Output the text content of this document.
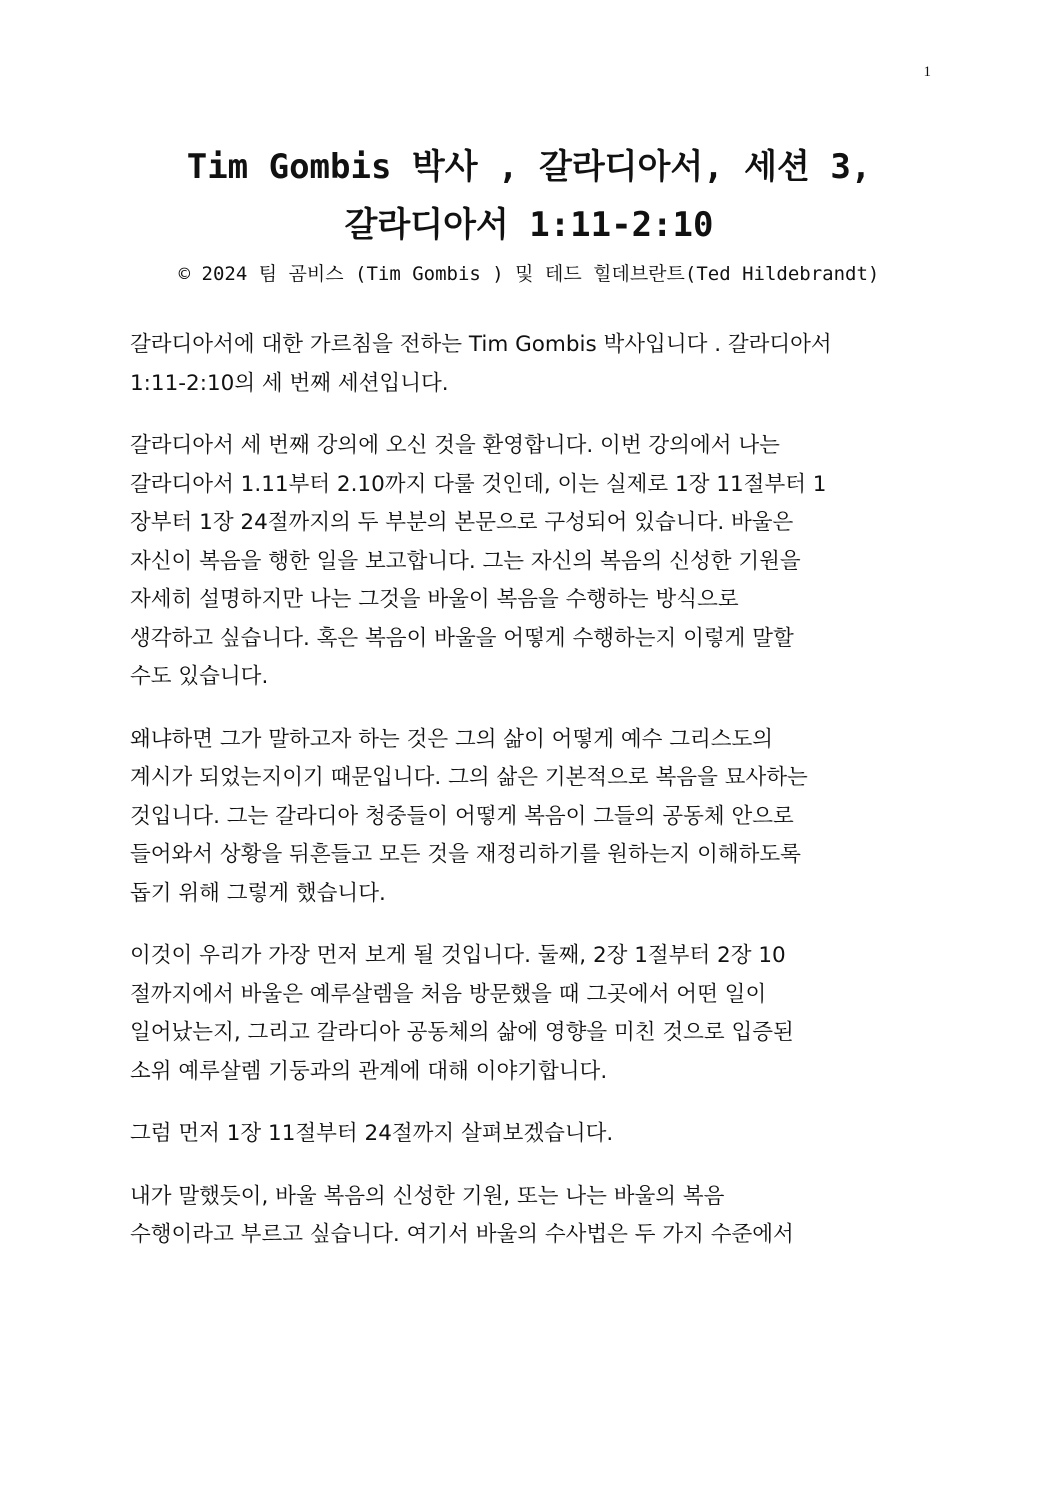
1
Tim Gombis 박사 , 갈라디아서, 세션 3,
갈라디아서 1:11-2:10
© 2024 팀 곰비스 (Tim Gombis ) 및 테드 힐데브란트(Ted Hildebrandt)
갈라디아서에 대한 가르침을 전하는 Tim Gombis 박사입니다 . 갈라디아서
1:11-2:10의 세 번째 세션입니다.
갈라디아서 세 번째 강의에 오신 것을 환영합니다. 이번 강의에서 나는
갈라디아서 1.11부터 2.10까지 다룰 것인데, 이는 실제로 1장 11절부터 1
장부터 1장 24절까지의 두 부분의 본문으로 구성되어 있습니다. 바울은
자신이 복음을 행한 일을 보고합니다. 그는 자신의 복음의 신성한 기원을
자세히 설명하지만 나는 그것을 바울이 복음을 수행하는 방식으로
생각하고 싶습니다. 혹은 복음이 바울을 어떻게 수행하는지 이렇게 말할
수도 있습니다.
왜냐하면 그가 말하고자 하는 것은 그의 삶이 어떻게 예수 그리스도의
계시가 되었는지이기 때문입니다. 그의 삶은 기본적으로 복음을 묘사하는
것입니다. 그는 갈라디아 청중들이 어떻게 복음이 그들의 공동체 안으로
들어와서 상황을 뒤흔들고 모든 것을 재정리하기를 원하는지 이해하도록
돕기 위해 그렇게 했습니다.
이것이 우리가 가장 먼저 보게 될 것입니다. 둘째, 2장 1절부터 2장 10
절까지에서 바울은 예루살렘을 처음 방문했을 때 그곳에서 어떤 일이
일어났는지, 그리고 갈라디아 공동체의 삶에 영향을 미친 것으로 입증된
소위 예루살렘 기둥과의 관계에 대해 이야기합니다.
그럼 먼저 1장 11절부터 24절까지 살펴보겠습니다.
내가 말했듯이, 바울 복음의 신성한 기원, 또는 나는 바울의 복음
수행이라고 부르고 싶습니다. 여기서 바울의 수사법은 두 가지 수준에서
